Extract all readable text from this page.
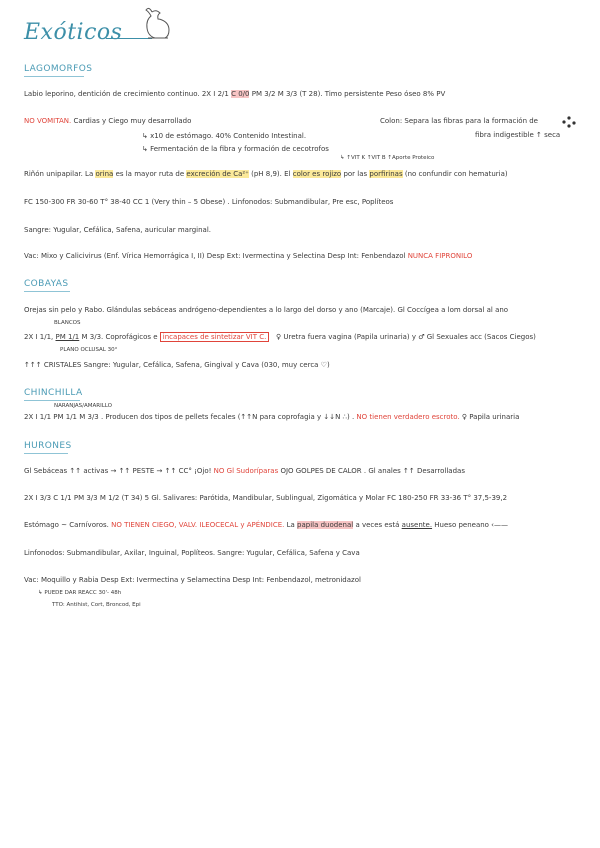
Exóticos
LAGOMORFOS
Labio leporino, dentición de crecimiento continuo. 2X I 2/1 C 0/0 PM 3/2 M 3/3 (T 28). Timo persistente Peso óseo 8% PV
NO VOMITAN. Cardias y Ciego muy desarrollado	Colon: Separa las fibras para la formación de
fibra indigestible ↑ seca
↳ x10 de estómago. 40% Contenido Intestinal.
↳ Fermentación de la fibra y formación de cecotrofos
↳ ↑VIT K ↑VIT B ↑Aporte Proteico
Riñón unipapilar. La orina es la mayor ruta de excreción de Ca²⁺ (pH 8,9). El color es rojizo por las porfirinas (no confundir con hematuria)
FC 150-300 FR 30-60 T° 38-40 CC 1 (Very thin – 5 Obese) . Linfonodos: Submandibular, Pre esc, Poplíteos
Sangre: Yugular, Cefálica, Safena, auricular marginal.
Vac: Mixo y Calicivirus (Enf. Vírica Hemorrágica I, II) Desp Ext: Ivermectina y Selectina Desp Int: Fenbendazol NUNCA FIPRONILO
COBAYAS
Orejas sin pelo y Rabo. Glándulas sebáceas andrógeno-dependientes a lo largo del dorso y ano (Marcaje). Gl Coccígea a lom dorsal al ano
BLANCOS
2X I 1/1, PM 1/1 M 3/3. Coprofágicos e incapaces de sintetizar VIT C. ♀ Uretra fuera vagina (Papila urinaria) y ♂ Gl Sexuales acc (Sacos Ciegos)
PLANO OCLUSAL 30°
↑↑↑ CRISTALES Sangre: Yugular, Cefálica, Safena, Gingival y Cava (030, muy cerca ♡)
CHINCHILLA
NARANJAS/AMARILLO
2X I 1/1 PM 1/1 M 3/3 . Producen dos tipos de pellets fecales (↑↑N para coprofagia y ↓↓N ∴) . NO tienen verdadero escroto. ♀ Papila urinaria
HURONES
Gl Sebáceas ↑↑ activas → ↑↑ PESTE → ↑↑ CC° ¡Ojo! NO Gl Sudoríparas OJO GOLPES DE CALOR . Gl anales ↑↑ Desarrolladas
2X I 3/3 C 1/1 PM 3/3 M 1/2 (T 34) 5 Gl. Salivares: Parótida, Mandibular, Sublingual, Zigomática y Molar FC 180-250 FR 33-36 T° 37,5-39,2
Estómago ~ Carnívoros. NO TIENEN CIEGO, VALV. ILEOCECAL y APÉNDICE. La papila duodenal a veces está ausente. Hueso peneano ‹——
Linfonodos: Submandibular, Axilar, Inguinal, Poplíteos. Sangre: Yugular, Cefálica, Safena y Cava
Vac: Moquillo y Rabia Desp Ext: Ivermectina y Selamectina Desp Int: Fenbendazol, metronidazol
↳ PUEDE DAR REACC 30'- 48h
TTO: Antihist, Cort, Broncod, Epi
